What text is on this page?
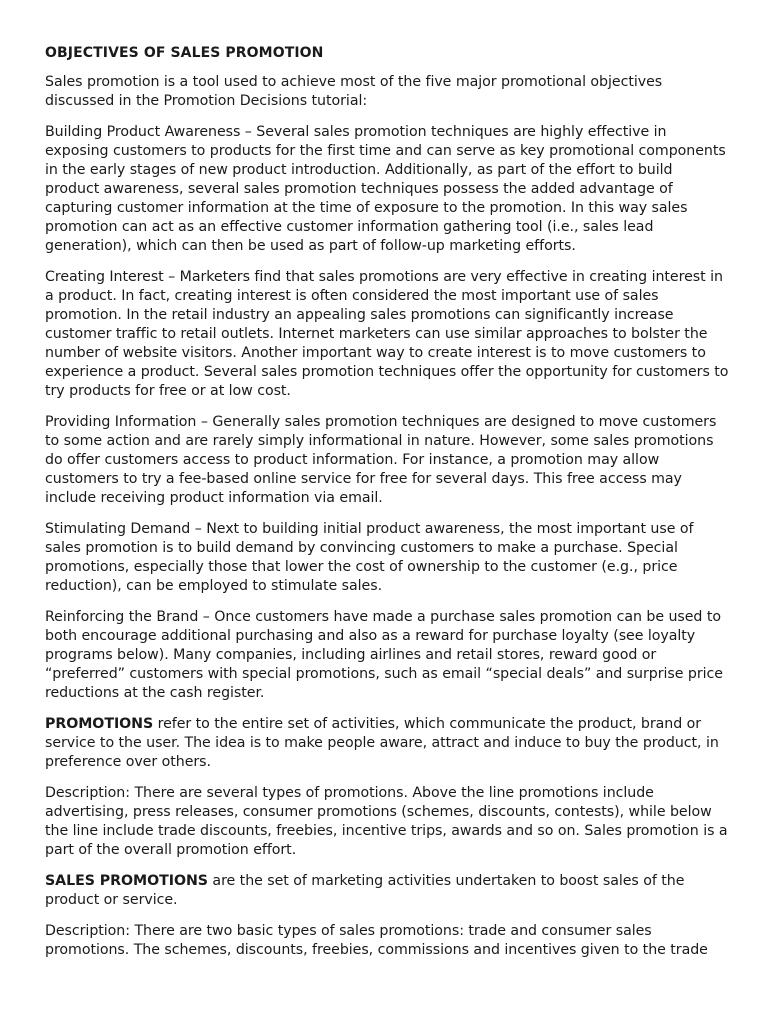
OBJECTIVES OF SALES PROMOTION

Sales promotion is a tool used to achieve most of the five major promotional objectives discussed in the Promotion Decisions tutorial:

Building Product Awareness – Several sales promotion techniques are highly effective in exposing customers to products for the first time and can serve as key promotional components in the early stages of new product introduction. Additionally, as part of the effort to build product awareness, several sales promotion techniques possess the added advantage of capturing customer information at the time of exposure to the promotion. In this way sales promotion can act as an effective customer information gathering tool (i.e., sales lead generation), which can then be used as part of follow-up marketing efforts.

Creating Interest – Marketers find that sales promotions are very effective in creating interest in a product. In fact, creating interest is often considered the most important use of sales promotion. In the retail industry an appealing sales promotions can significantly increase customer traffic to retail outlets. Internet marketers can use similar approaches to bolster the number of website visitors. Another important way to create interest is to move customers to experience a product. Several sales promotion techniques offer the opportunity for customers to try products for free or at low cost.

Providing Information – Generally sales promotion techniques are designed to move customers to some action and are rarely simply informational in nature. However, some sales promotions do offer customers access to product information. For instance, a promotion may allow customers to try a fee-based online service for free for several days. This free access may include receiving product information via email.

Stimulating Demand – Next to building initial product awareness, the most important use of sales promotion is to build demand by convincing customers to make a purchase. Special promotions, especially those that lower the cost of ownership to the customer (e.g., price reduction), can be employed to stimulate sales.

Reinforcing the Brand – Once customers have made a purchase sales promotion can be used to both encourage additional purchasing and also as a reward for purchase loyalty (see loyalty programs below). Many companies, including airlines and retail stores, reward good or “preferred” customers with special promotions, such as email “special deals” and surprise price reductions at the cash register.

PROMOTIONS refer to the entire set of activities, which communicate the product, brand or service to the user. The idea is to make people aware, attract and induce to buy the product, in preference over others.

Description: There are several types of promotions. Above the line promotions include advertising, press releases, consumer promotions (schemes, discounts, contests), while below the line include trade discounts, freebies, incentive trips, awards and so on. Sales promotion is a part of the overall promotion effort.

SALES PROMOTIONS are the set of marketing activities undertaken to boost sales of the product or service.

Description: There are two basic types of sales promotions: trade and consumer sales promotions. The schemes, discounts, freebies, commissions and incentives given to the trade
